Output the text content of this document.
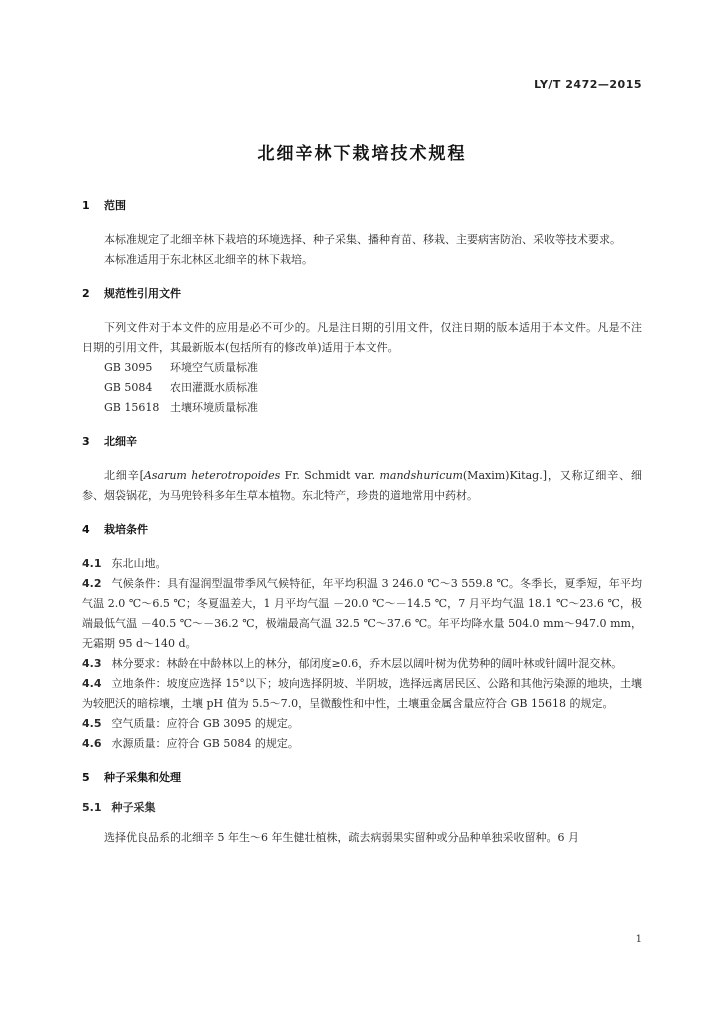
LY/T 2472—2015
北细辛林下栽培技术规程

1 范围

本标准规定了北细辛林下栽培的环境选择、种子采集、播种育苗、移栽、主要病害防治、采收等技术要求。

本标准适用于东北林区北细辛的林下栽培。

2 规范性引用文件

下列文件对于本文件的应用是必不可少的。凡是注日期的引用文件，仅注日期的版本适用于本文件。凡是不注日期的引用文件，其最新版本(包括所有的修改单)适用于本文件。

GB 3095 环境空气质量标准

GB 5084 农田灌溉水质标准

GB 15618 土壤环境质量标准

3 北细辛

北细辛[Asarum heterotropoides Fr. Schmidt var. mandshuricum(Maxim)Kitag.]，又称辽细辛、细参、烟袋锅花，为马兜铃科多年生草本植物。东北特产，珍贵的道地常用中药材。

4 栽培条件

4.1 东北山地。

4.2 气候条件：具有湿润型温带季风气候特征，年平均积温 3 246.0 ℃～3 559.8 ℃。冬季长，夏季短，年平均气温 2.0 ℃～6.5 ℃；冬夏温差大，1 月平均气温 －20.0 ℃～－14.5 ℃，7 月平均气温 18.1 ℃～23.6 ℃，极端最低气温 －40.5 ℃～－36.2 ℃，极端最高气温 32.5 ℃～37.6 ℃。年平均降水量 504.0 mm～947.0 mm，无霜期 95 d～140 d。

4.3 林分要求：林龄在中龄林以上的林分，郁闭度≥0.6，乔木层以阔叶树为优势种的阔叶林或针阔叶混交林。

4.4 立地条件：坡度应选择 15°以下；坡向选择阴坡、半阴坡，选择远离居民区、公路和其他污染源的地块，土壤为较肥沃的暗棕壤，土壤 pH 值为 5.5～7.0，呈微酸性和中性，土壤重金属含量应符合 GB 15618 的规定。

4.5 空气质量：应符合 GB 3095 的规定。

4.6 水源质量：应符合 GB 5084 的规定。

5 种子采集和处理

5.1 种子采集

选择优良品系的北细辛 5 年生～6 年生健壮植株，疏去病弱果实留种或分品种单独采收留种。6 月

1
